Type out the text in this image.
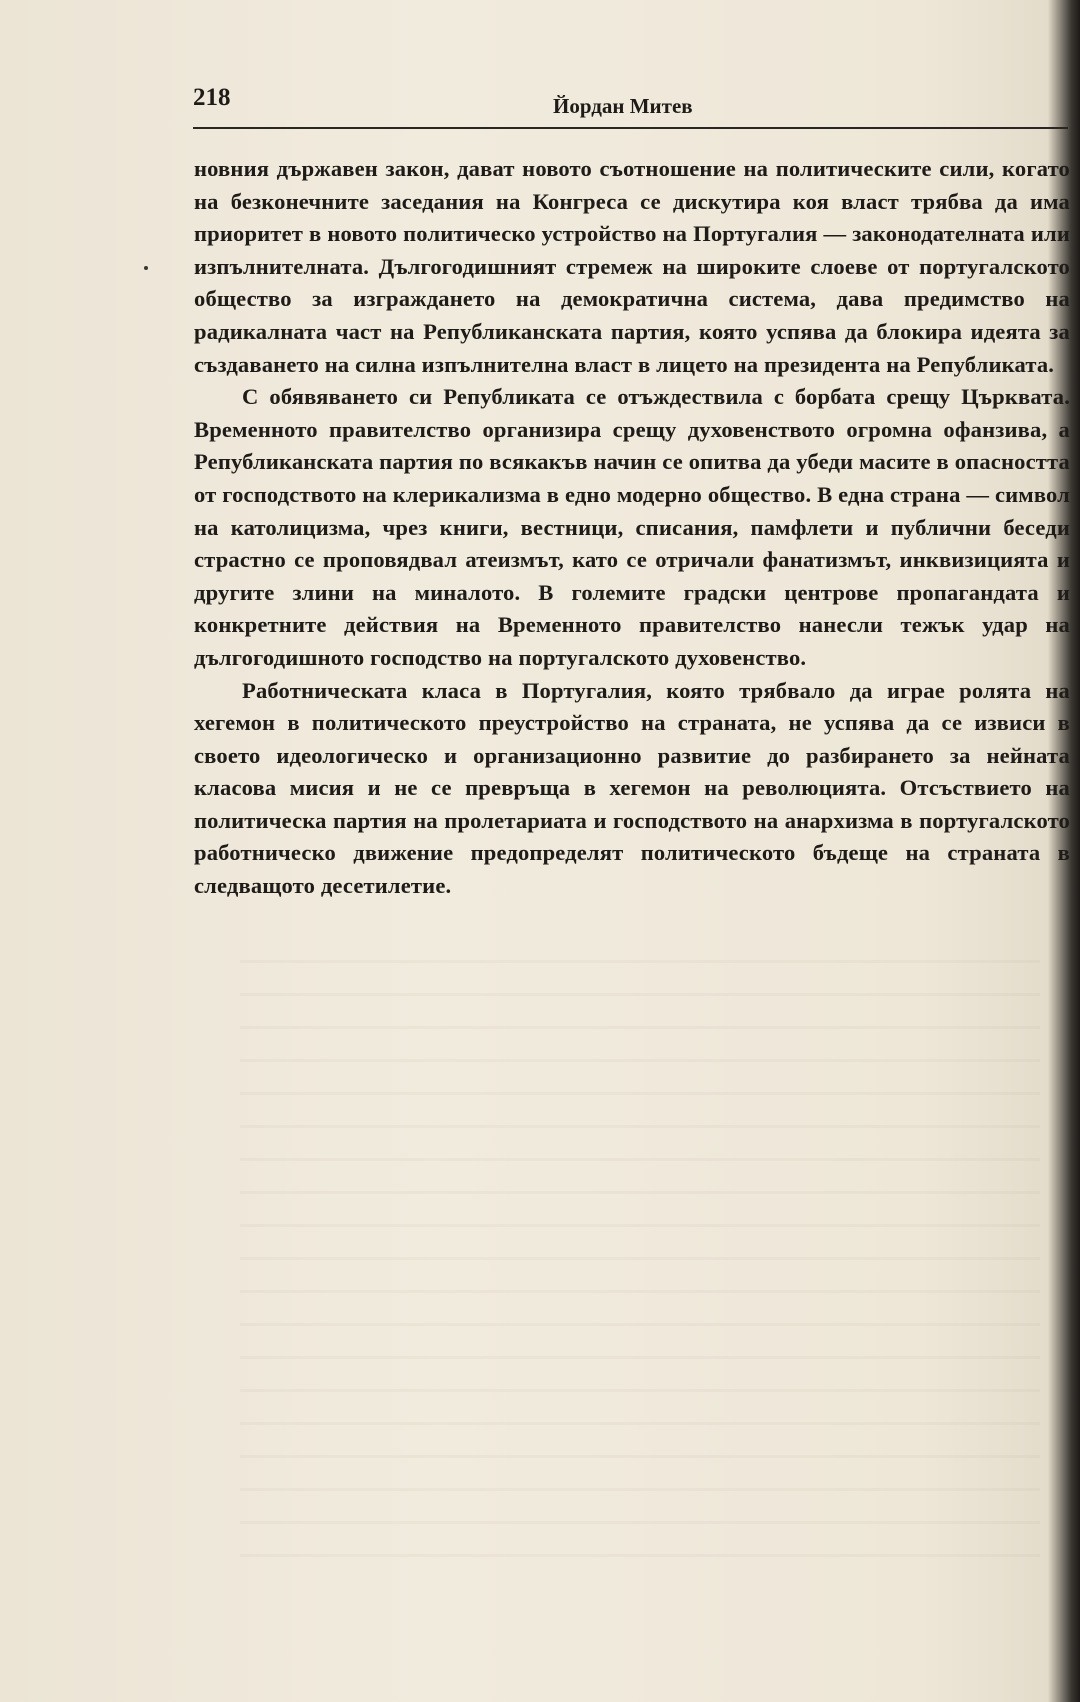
218	Йордан Митев

новния държавен закон, дават новото съотношение на политическите сили, когато на безконечните заседания на Конгреса се дискутира коя власт трябва да има приоритет в новото политическо устройство на Португалия — законодателната или изпълнителната. Дългогодишният стремеж на широките слоеве от португалското общество за изграждането на демократична система, дава предимство на радикалната част на Републиканската партия, която успява да блокира идеята за създаването на силна изпълнителна власт в лицето на президента на Републиката.

С обявяването си Републиката се отъждествила с борбата срещу Църквата. Временното правителство организира срещу духовенството огромна офанзива, а Републиканската партия по всякакъв начин се опитва да убеди масите в опасността от господството на клерикализма в едно модерно общество. В една страна — символ на католицизма, чрез книги, вестници, списания, памфлети и публични беседи страстно се проповядвал атеизмът, като се отричали фанатизмът, инквизицията и другите злини на миналото. В големите градски центрове пропагандата и конкретните действия на Временното правителство нанесли тежък удар на дългогодишното господство на португалското духовенство.

Работническата класа в Португалия, която трябвало да играе ролята на хегемон в политическото преустройство на страната, не успява да се извиси в своето идеологическо и организационно развитие до разбирането за нейната класова мисия и не се превръща в хегемон на революцията. Отсъствието на политическа партия на пролетариата и господството на анархизма в португалското работническо движение предопределят политическото бъдеще на страната в следващото десетилетие.
